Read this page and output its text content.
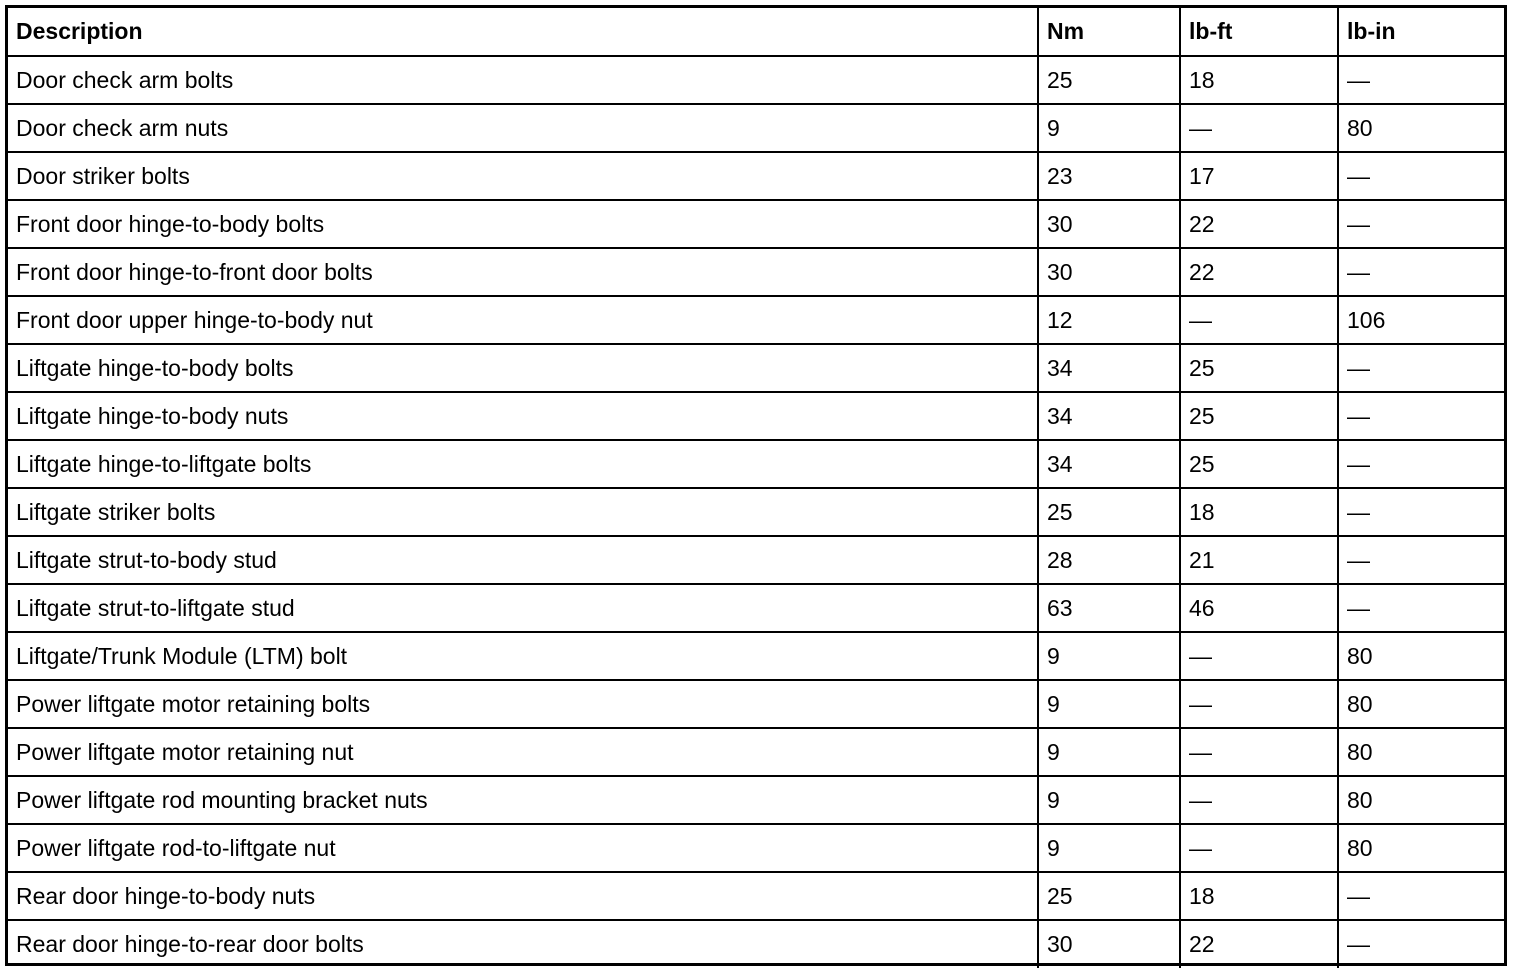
Description	Nm	lb-ft	lb-in
Door check arm bolts	25	18	—
Door check arm nuts	9	—	80
Door striker bolts	23	17	—
Front door hinge-to-body bolts	30	22	—
Front door hinge-to-front door bolts	30	22	—
Front door upper hinge-to-body nut	12	—	106
Liftgate hinge-to-body bolts	34	25	—
Liftgate hinge-to-body nuts	34	25	—
Liftgate hinge-to-liftgate bolts	34	25	—
Liftgate striker bolts	25	18	—
Liftgate strut-to-body stud	28	21	—
Liftgate strut-to-liftgate stud	63	46	—
Liftgate/Trunk Module (LTM) bolt	9	—	80
Power liftgate motor retaining bolts	9	—	80
Power liftgate motor retaining nut	9	—	80
Power liftgate rod mounting bracket nuts	9	—	80
Power liftgate rod-to-liftgate nut	9	—	80
Rear door hinge-to-body nuts	25	18	—
Rear door hinge-to-rear door bolts	30	22	—
